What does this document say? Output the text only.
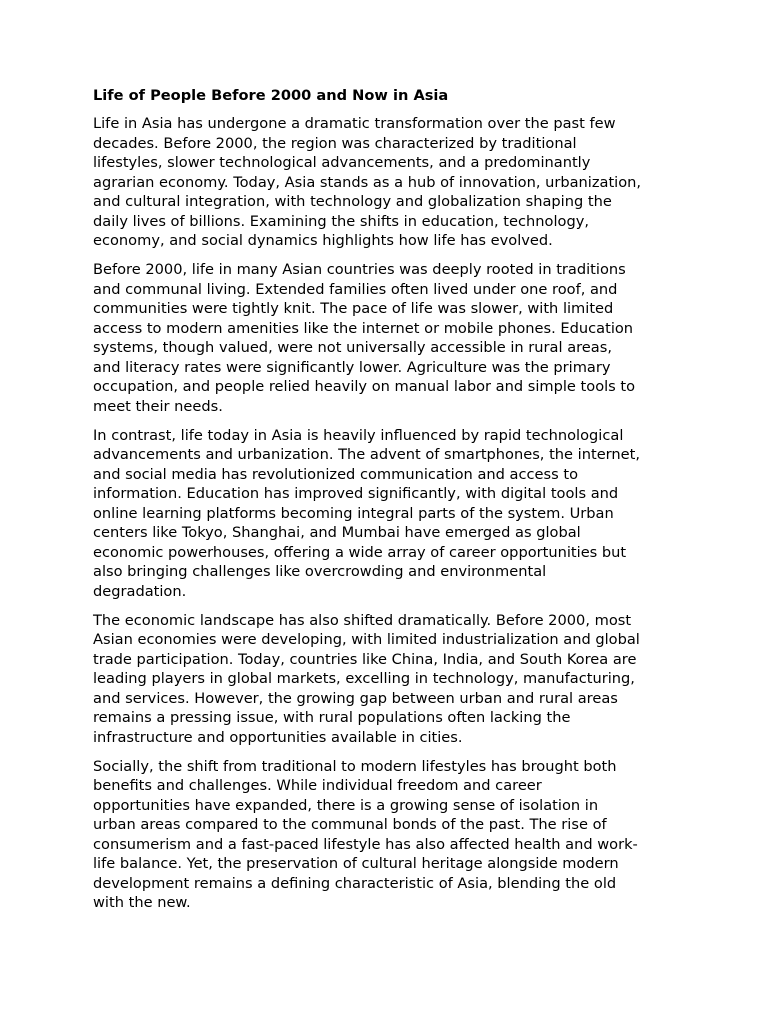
Life of People Before 2000 and Now in Asia
Life in Asia has undergone a dramatic transformation over the past few
decades. Before 2000, the region was characterized by traditional
lifestyles, slower technological advancements, and a predominantly
agrarian economy. Today, Asia stands as a hub of innovation, urbanization,
and cultural integration, with technology and globalization shaping the
daily lives of billions. Examining the shifts in education, technology,
economy, and social dynamics highlights how life has evolved.
Before 2000, life in many Asian countries was deeply rooted in traditions
and communal living. Extended families often lived under one roof, and
communities were tightly knit. The pace of life was slower, with limited
access to modern amenities like the internet or mobile phones. Education
systems, though valued, were not universally accessible in rural areas,
and literacy rates were significantly lower. Agriculture was the primary
occupation, and people relied heavily on manual labor and simple tools to
meet their needs.
In contrast, life today in Asia is heavily influenced by rapid technological
advancements and urbanization. The advent of smartphones, the internet,
and social media has revolutionized communication and access to
information. Education has improved significantly, with digital tools and
online learning platforms becoming integral parts of the system. Urban
centers like Tokyo, Shanghai, and Mumbai have emerged as global
economic powerhouses, offering a wide array of career opportunities but
also bringing challenges like overcrowding and environmental
degradation.
The economic landscape has also shifted dramatically. Before 2000, most
Asian economies were developing, with limited industrialization and global
trade participation. Today, countries like China, India, and South Korea are
leading players in global markets, excelling in technology, manufacturing,
and services. However, the growing gap between urban and rural areas
remains a pressing issue, with rural populations often lacking the
infrastructure and opportunities available in cities.
Socially, the shift from traditional to modern lifestyles has brought both
benefits and challenges. While individual freedom and career
opportunities have expanded, there is a growing sense of isolation in
urban areas compared to the communal bonds of the past. The rise of
consumerism and a fast-paced lifestyle has also affected health and work-
life balance. Yet, the preservation of cultural heritage alongside modern
development remains a defining characteristic of Asia, blending the old
with the new.
